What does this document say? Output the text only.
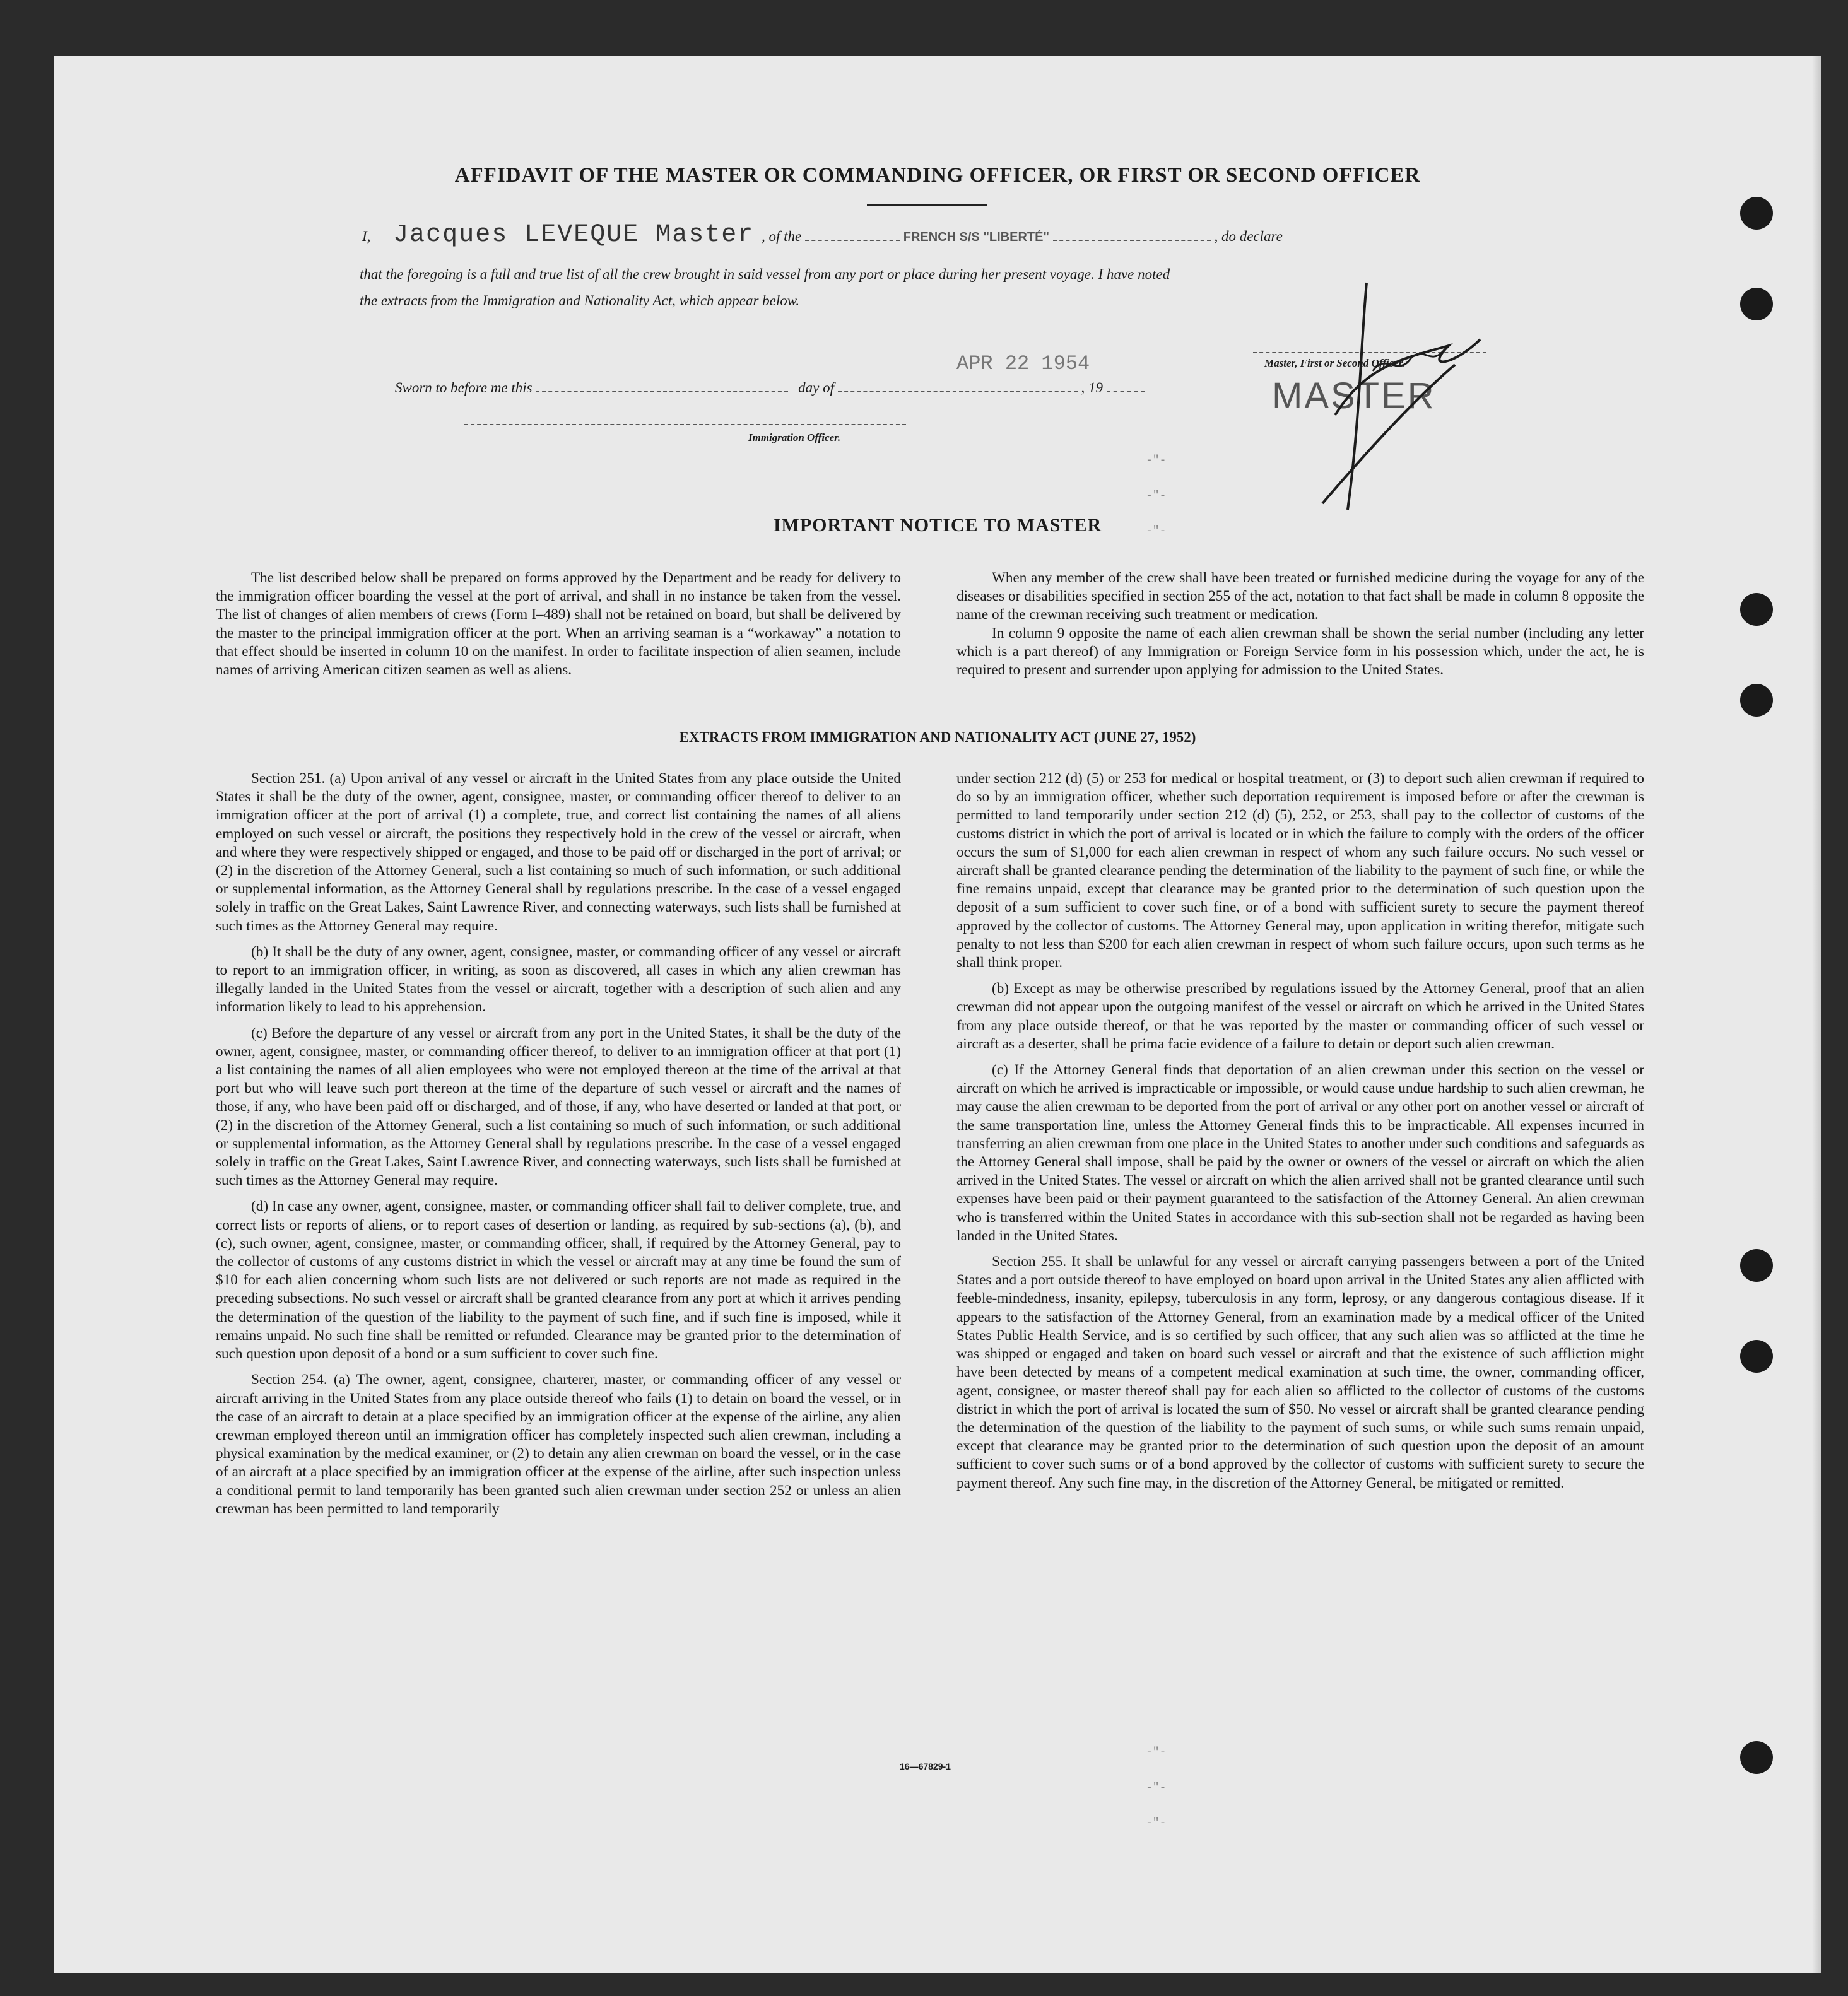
AFFIDAVIT OF THE MASTER OR COMMANDING OFFICER, OR FIRST OR SECOND OFFICER
I, Jacques LEVEQUE Master , of the	FRENCH S/S "LIBERTÉ"	, do declare
that the foregoing is a full and true list of all the crew brought in said vessel from any port or place during her present voyage. I have noted
the extracts from the Immigration and Nationality Act, which appear below.
APR 22 1954
Sworn to before me this	day of	, 19
Master, First or Second Officer.
MASTER
Immigration Officer.
IMPORTANT NOTICE TO MASTER

The list described below shall be prepared on forms approved by the Department and be ready for delivery to the immigration officer boarding the vessel at the port of arrival, and shall in no instance be taken from the vessel. The list of changes of alien members of crews (Form I–489) shall not be retained on board, but shall be delivered by the master to the principal immigration officer at the port. When an arriving seaman is a “workaway” a notation to that effect should be inserted in column 10 on the manifest. In order to facilitate inspection of alien seamen, include names of arriving American citizen seamen as well as aliens.

When any member of the crew shall have been treated or furnished medicine during the voyage for any of the diseases or disabilities specified in section 255 of the act, notation to that fact shall be made in column 8 opposite the name of the crewman receiving such treatment or medication.

In column 9 opposite the name of each alien crewman shall be shown the serial number (including any letter which is a part thereof) of any Immigration or Foreign Service form in his possession which, under the act, he is required to present and surrender upon applying for admission to the United States.

EXTRACTS FROM IMMIGRATION AND NATIONALITY ACT (JUNE 27, 1952)

Section 251. (a) Upon arrival of any vessel or aircraft in the United States from any place outside the United States it shall be the duty of the owner, agent, consignee, master, or commanding officer thereof to deliver to an immigration officer at the port of arrival (1) a complete, true, and correct list containing the names of all aliens employed on such vessel or aircraft, the positions they respectively hold in the crew of the vessel or aircraft, when and where they were respectively shipped or engaged, and those to be paid off or discharged in the port of arrival; or (2) in the discretion of the Attorney General, such a list containing so much of such information, or such additional or supplemental information, as the Attorney General shall by regulations prescribe. In the case of a vessel engaged solely in traffic on the Great Lakes, Saint Lawrence River, and connecting waterways, such lists shall be furnished at such times as the Attorney General may require.

(b) It shall be the duty of any owner, agent, consignee, master, or commanding officer of any vessel or aircraft to report to an immigration officer, in writing, as soon as discovered, all cases in which any alien crewman has illegally landed in the United States from the vessel or aircraft, together with a description of such alien and any information likely to lead to his apprehension.

(c) Before the departure of any vessel or aircraft from any port in the United States, it shall be the duty of the owner, agent, consignee, master, or commanding officer thereof, to deliver to an immigration officer at that port (1) a list containing the names of all alien employees who were not employed thereon at the time of the arrival at that port but who will leave such port thereon at the time of the departure of such vessel or aircraft and the names of those, if any, who have been paid off or discharged, and of those, if any, who have deserted or landed at that port, or (2) in the discretion of the Attorney General, such a list containing so much of such information, or such additional or supplemental information, as the Attorney General shall by regulations prescribe. In the case of a vessel engaged solely in traffic on the Great Lakes, Saint Lawrence River, and connecting waterways, such lists shall be furnished at such times as the Attorney General may require.

(d) In case any owner, agent, consignee, master, or commanding officer shall fail to deliver complete, true, and correct lists or reports of aliens, or to report cases of desertion or landing, as required by sub-sections (a), (b), and (c), such owner, agent, consignee, master, or commanding officer, shall, if required by the Attorney General, pay to the collector of customs of any customs district in which the vessel or aircraft may at any time be found the sum of $10 for each alien concerning whom such lists are not delivered or such reports are not made as required in the preceding subsections. No such vessel or aircraft shall be granted clearance from any port at which it arrives pending the determination of the question of the liability to the payment of such fine, and if such fine is imposed, while it remains unpaid. No such fine shall be remitted or refunded. Clearance may be granted prior to the determination of such question upon deposit of a bond or a sum sufficient to cover such fine.

Section 254. (a) The owner, agent, consignee, charterer, master, or commanding officer of any vessel or aircraft arriving in the United States from any place outside thereof who fails (1) to detain on board the vessel, or in the case of an aircraft to detain at a place specified by an immigration officer at the expense of the airline, any alien crewman employed thereon until an immigration officer has completely inspected such alien crewman, including a physical examination by the medical examiner, or (2) to detain any alien crewman on board the vessel, or in the case of an aircraft at a place specified by an immigration officer at the expense of the airline, after such inspection unless a conditional permit to land temporarily has been granted such alien crewman under section 252 or unless an alien crewman has been permitted to land temporarily

under section 212 (d) (5) or 253 for medical or hospital treatment, or (3) to deport such alien crewman if required to do so by an immigration officer, whether such deportation requirement is imposed before or after the crewman is permitted to land temporarily under section 212 (d) (5), 252, or 253, shall pay to the collector of customs of the customs district in which the port of arrival is located or in which the failure to comply with the orders of the officer occurs the sum of $1,000 for each alien crewman in respect of whom any such failure occurs. No such vessel or aircraft shall be granted clearance pending the determination of the liability to the payment of such fine, or while the fine remains unpaid, except that clearance may be granted prior to the determination of such question upon the deposit of a sum sufficient to cover such fine, or of a bond with sufficient surety to secure the payment thereof approved by the collector of customs. The Attorney General may, upon application in writing therefor, mitigate such penalty to not less than $200 for each alien crewman in respect of whom such failure occurs, upon such terms as he shall think proper.

(b) Except as may be otherwise prescribed by regulations issued by the Attorney General, proof that an alien crewman did not appear upon the outgoing manifest of the vessel or aircraft on which he arrived in the United States from any place outside thereof, or that he was reported by the master or commanding officer of such vessel or aircraft as a deserter, shall be prima facie evidence of a failure to detain or deport such alien crewman.

(c) If the Attorney General finds that deportation of an alien crewman under this section on the vessel or aircraft on which he arrived is impracticable or impossible, or would cause undue hardship to such alien crewman, he may cause the alien crewman to be deported from the port of arrival or any other port on another vessel or aircraft of the same transportation line, unless the Attorney General finds this to be impracticable. All expenses incurred in transferring an alien crewman from one place in the United States to another under such conditions and safeguards as the Attorney General shall impose, shall be paid by the owner or owners of the vessel or aircraft on which the alien arrived in the United States. The vessel or aircraft on which the alien arrived shall not be granted clearance until such expenses have been paid or their payment guaranteed to the satisfaction of the Attorney General. An alien crewman who is transferred within the United States in accordance with this sub-section shall not be regarded as having been landed in the United States.

Section 255. It shall be unlawful for any vessel or aircraft carrying passengers between a port of the United States and a port outside thereof to have employed on board upon arrival in the United States any alien afflicted with feeble-mindedness, insanity, epilepsy, tuberculosis in any form, leprosy, or any dangerous contagious disease. If it appears to the satisfaction of the Attorney General, from an examination made by a medical officer of the United States Public Health Service, and is so certified by such officer, that any such alien was so afflicted at the time he was shipped or engaged and taken on board such vessel or aircraft and that the existence of such affliction might have been detected by means of a competent medical examination at such time, the owner, commanding officer, agent, consignee, or master thereof shall pay for each alien so afflicted to the collector of customs of the customs district in which the port of arrival is located the sum of $50. No vessel or aircraft shall be granted clearance pending the determination of the question of the liability to the payment of such sums, or while such sums remain unpaid, except that clearance may be granted prior to the determination of such question upon the deposit of an amount sufficient to cover such sums or of a bond approved by the collector of customs with sufficient surety to secure the payment thereof. Any such fine may, in the discretion of the Attorney General, be mitigated or remitted.

16—67829-1
-"-
-"-
-"-
-"-
-"-
-"-
